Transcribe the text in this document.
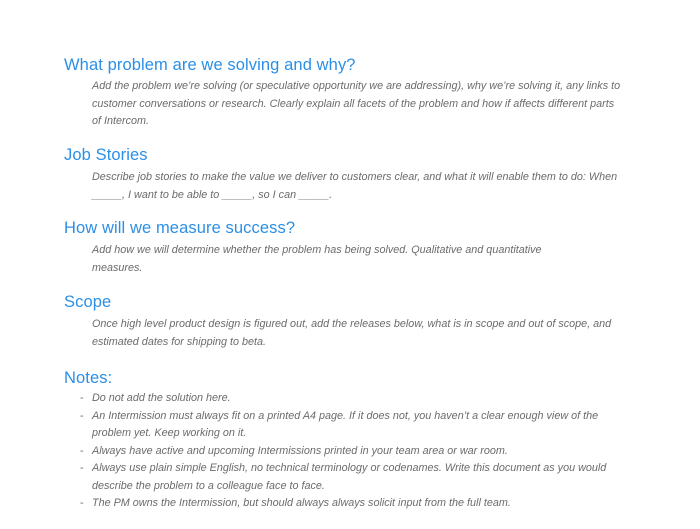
What problem are we solving and why?

Add the problem we’re solving (or speculative opportunity we are addressing), why we’re solving it, any links to customer conversations or research. Clearly explain all facets of the problem and how if affects different parts of Intercom.

Job Stories

Describe job stories to make the value we deliver to customers clear, and what it will enable them to do: When _____, I want to be able to _____, so I can _____.

How will we measure success?

Add how we will determine whether the problem has being solved. Qualitative and quantitative measures.

Scope

Once high level product design is figured out, add the releases below, what is in scope and out of scope, and estimated dates for shipping to beta.

Notes:
- Do not add the solution here.
- An Intermission must always fit on a printed A4 page. If it does not, you haven’t a clear enough view of the problem yet. Keep working on it.
- Always have active and upcoming Intermissions printed in your team area or war room.
- Always use plain simple English, no technical terminology or codenames. Write this document as you would describe the problem to a colleague face to face.
- The PM owns the Intermission, but should always always solicit input from the full team.
